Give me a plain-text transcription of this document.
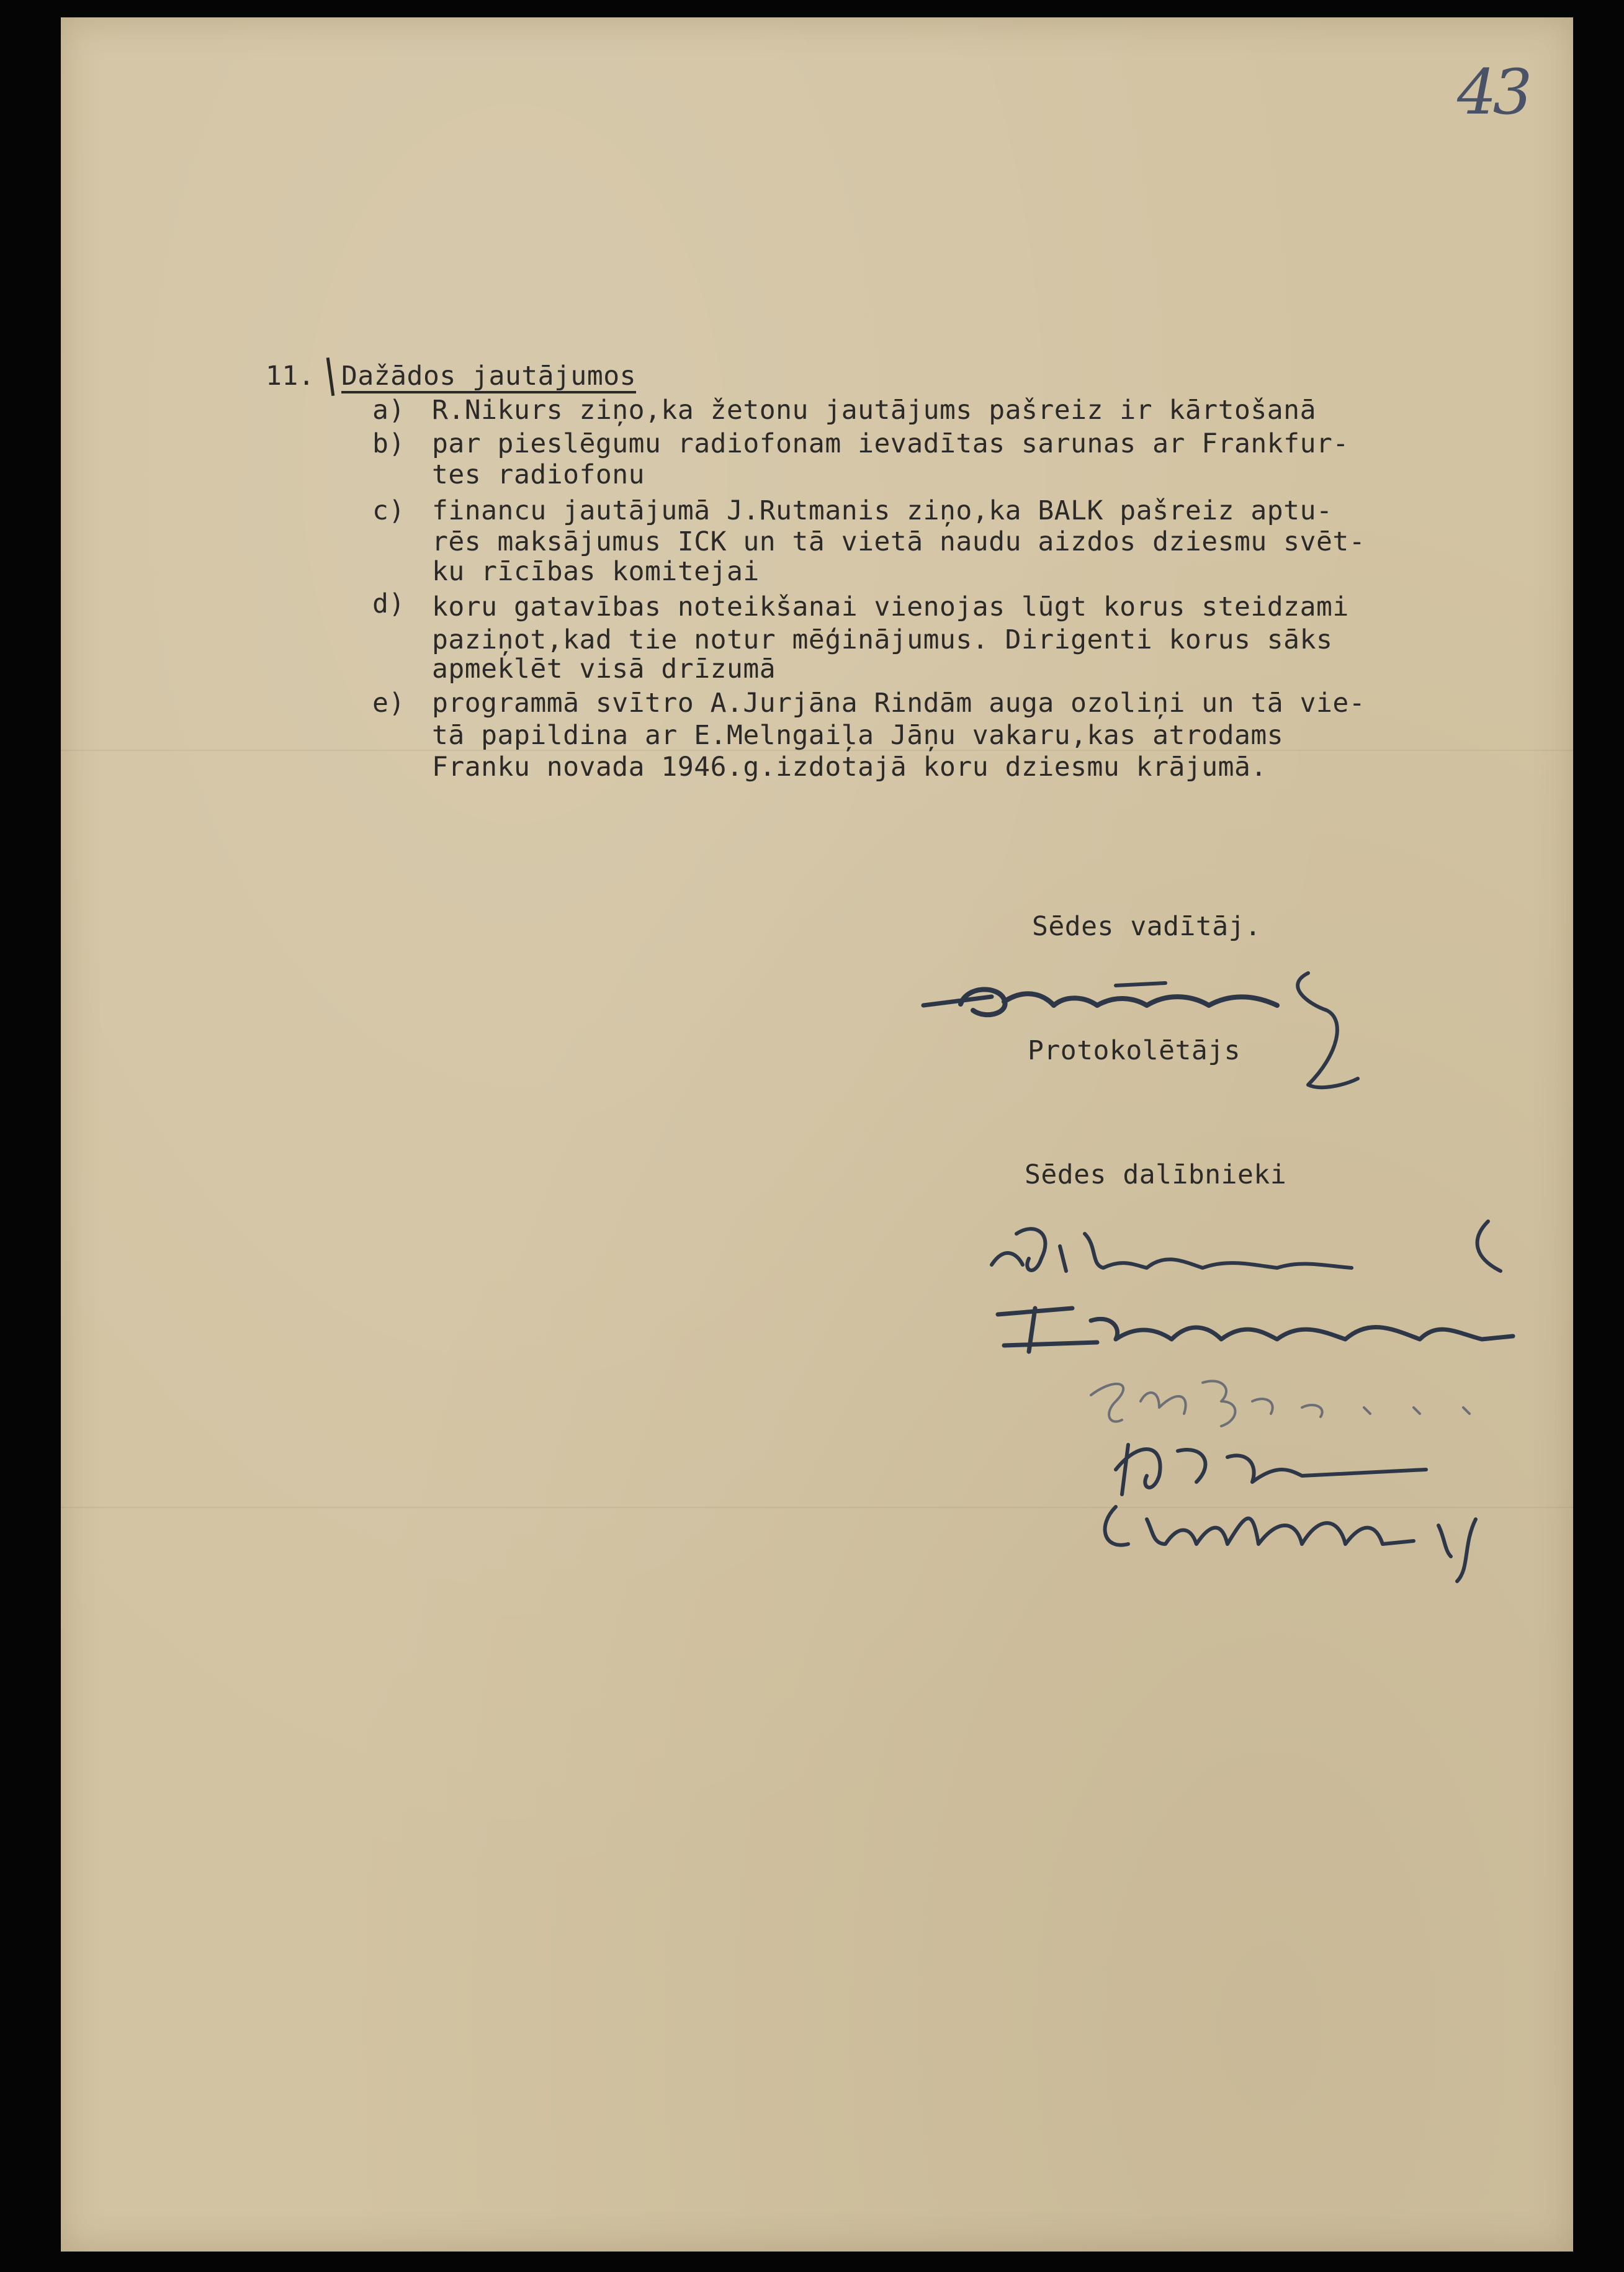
43
11. Dažādos jautājumos
a) R.Nikurs ziņo,ka žetonu jautājums pašreiz ir kārtošanā
b) par pieslēgumu radiofonam ievadītas sarunas ar Frankfur-
tes radiofonu
c) financu jautājumā J.Rutmanis ziņo,ka BALK pašreiz aptu-
rēs maksājumus ICK un tā vietā naudu aizdos dziesmu svēt-
ku rīcības komitejai
d) koru gatavības noteikšanai vienojas lūgt korus steidzami
paziņot,kad tie notur mēģinājumus. Dirigenti korus sāks
apmeklēt visā drīzumā
e) programmā svītro A.Jurjāna Rindām auga ozoliņi un tā vie-
tā papildina ar E.Melngaiļa Jāņu vakaru,kas atrodams
Franku novada 1946.g.izdotajā koru dziesmu krājumā.
Sēdes vadītāj.
Protokolētājs
Sēdes dalībnieki
